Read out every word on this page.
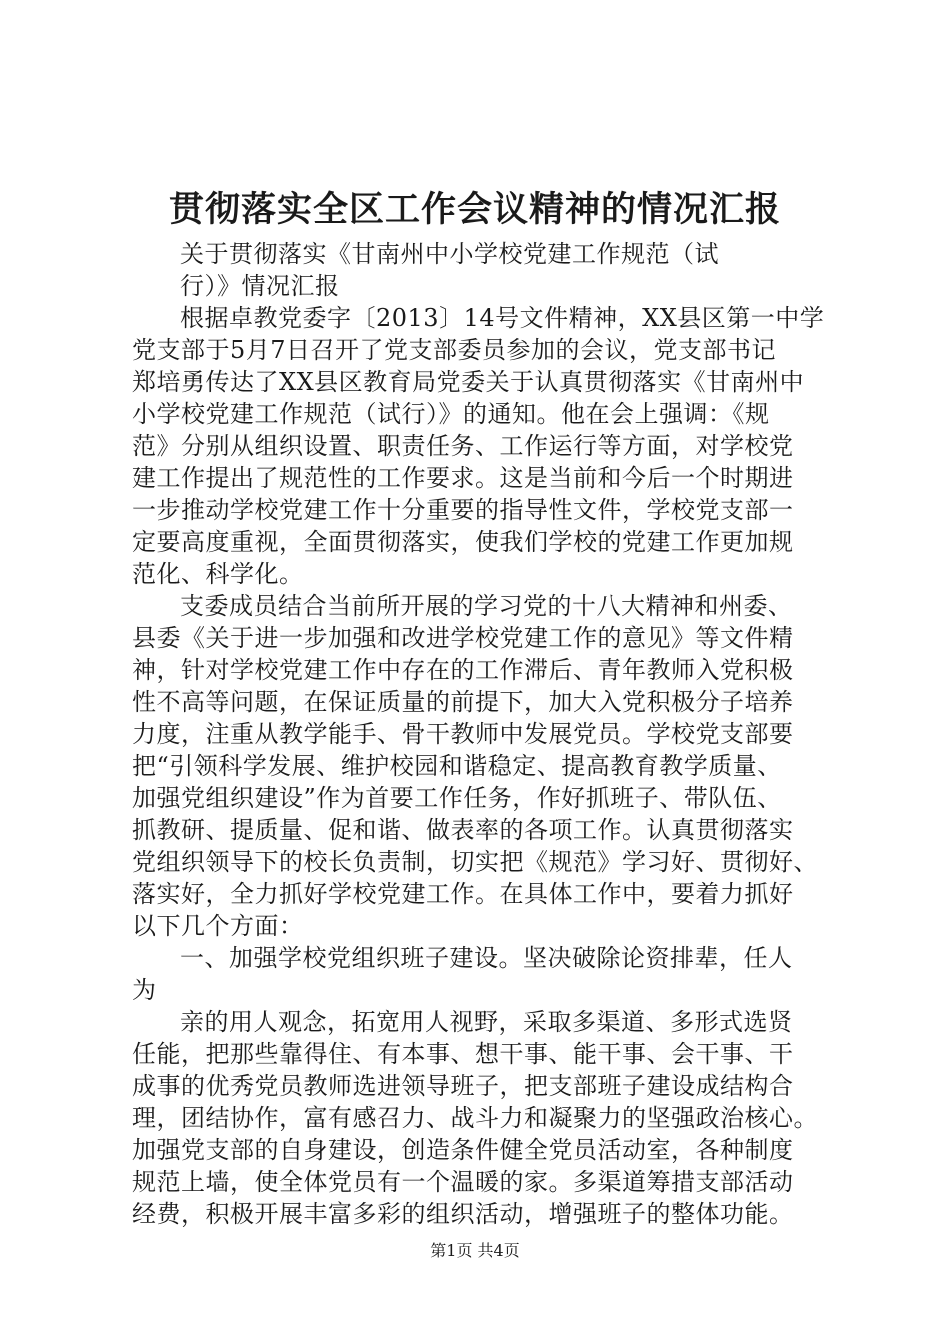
贯彻落实全区工作会议精神的情况汇报
关于贯彻落实《甘南州中小学校党建工作规范（试
行）》情况汇报
根据卓教党委字〔2013〕14号文件精神，XX县区第一中学
党支部于5月7日召开了党支部委员参加的会议，党支部书记
郑培勇传达了XX县区教育局党委关于认真贯彻落实《甘南州中
小学校党建工作规范（试行）》的通知。他在会上强调：《规
范》分别从组织设置、职责任务、工作运行等方面，对学校党
建工作提出了规范性的工作要求。这是当前和今后一个时期进
一步推动学校党建工作十分重要的指导性文件，学校党支部一
定要高度重视，全面贯彻落实，使我们学校的党建工作更加规
范化、科学化。
支委成员结合当前所开展的学习党的十八大精神和州委、
县委《关于进一步加强和改进学校党建工作的意见》等文件精
神，针对学校党建工作中存在的工作滞后、青年教师入党积极
性不高等问题，在保证质量的前提下，加大入党积极分子培养
力度，注重从教学能手、骨干教师中发展党员。学校党支部要
把“引领科学发展、维护校园和谐稳定、提高教育教学质量、
加强党组织建设”作为首要工作任务，作好抓班子、带队伍、
抓教研、提质量、促和谐、做表率的各项工作。认真贯彻落实
党组织领导下的校长负责制，切实把《规范》学习好、贯彻好、
落实好，全力抓好学校党建工作。在具体工作中，要着力抓好
以下几个方面：
一、加强学校党组织班子建设。坚决破除论资排辈，任人
为
亲的用人观念，拓宽用人视野，采取多渠道、多形式选贤
任能，把那些靠得住、有本事、想干事、能干事、会干事、干
成事的优秀党员教师选进领导班子，把支部班子建设成结构合
理，团结协作，富有感召力、战斗力和凝聚力的坚强政治核心。
加强党支部的自身建设，创造条件健全党员活动室，各种制度
规范上墙，使全体党员有一个温暖的家。多渠道筹措支部活动
经费，积极开展丰富多彩的组织活动，增强班子的整体功能。
第1页 共4页
